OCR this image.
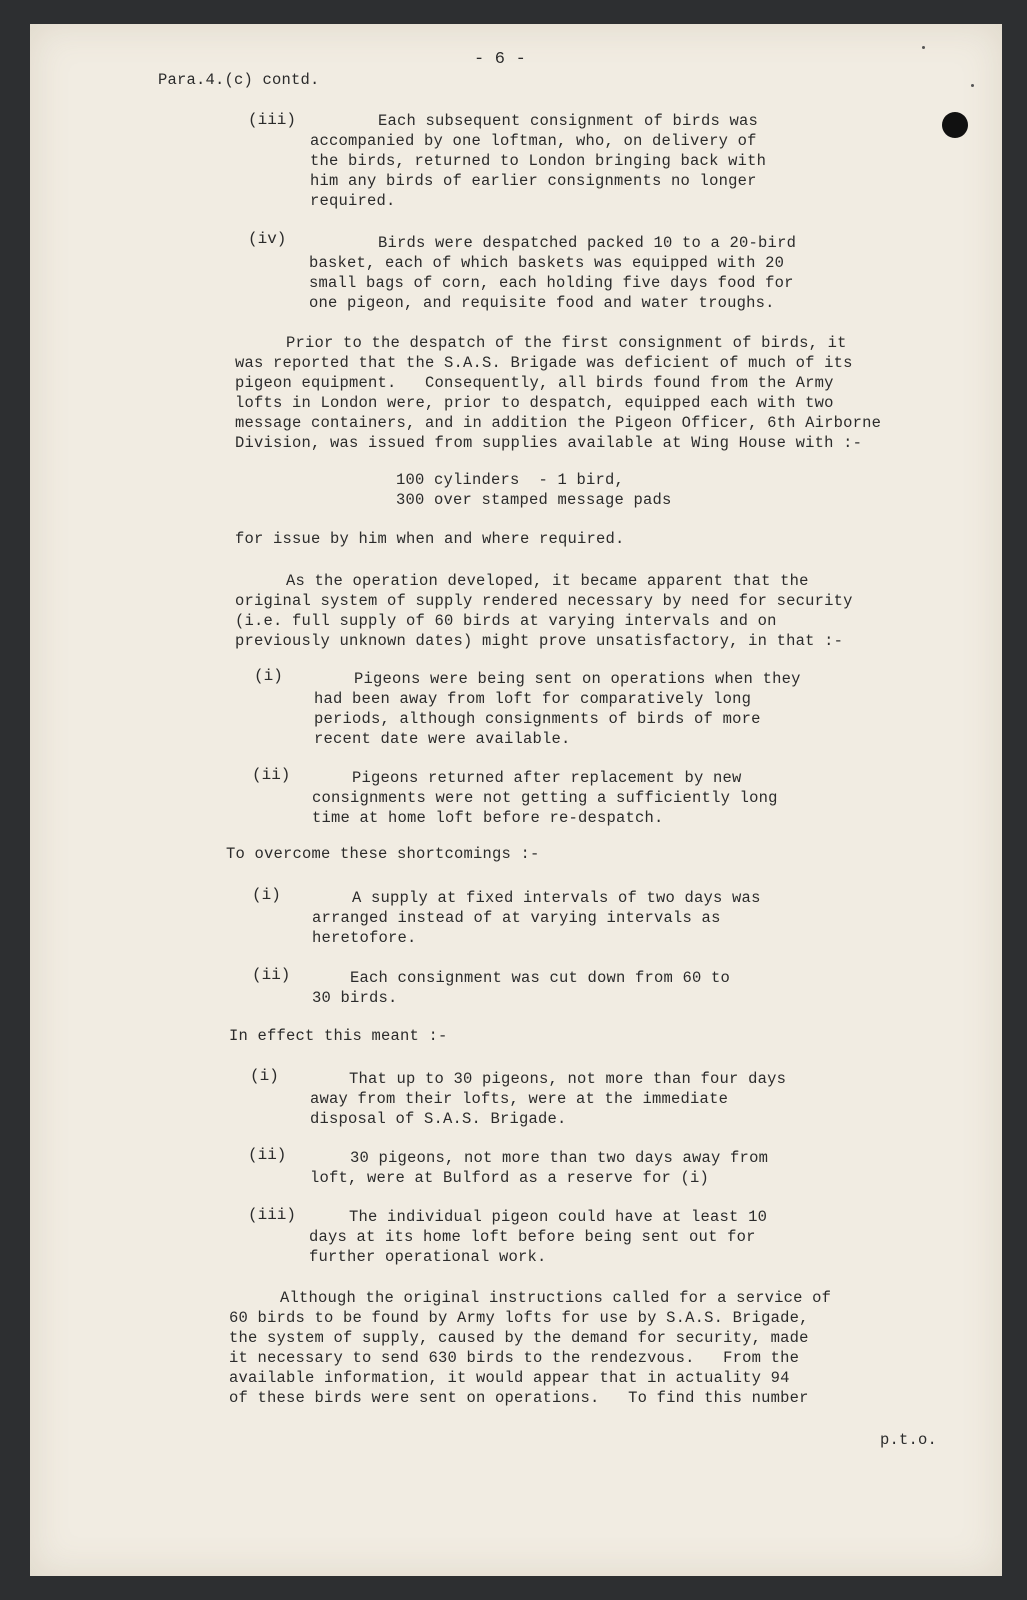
- 6 -
Para.4.(c) contd.
(iii)	Each subsequent consignment of birds was
accompanied by one loftman, who, on delivery of
the birds, returned to London bringing back with
him any birds of earlier consignments no longer
required.
(iv)	Birds were despatched packed 10 to a 20-bird
basket, each of which baskets was equipped with 20
small bags of corn, each holding five days food for
one pigeon, and requisite food and water troughs.
Prior to the despatch of the first consignment of birds, it
was reported that the S.A.S. Brigade was deficient of much of its
pigeon equipment.   Consequently, all birds found from the Army
lofts in London were, prior to despatch, equipped each with two
message containers, and in addition the Pigeon Officer, 6th Airborne
Division, was issued from supplies available at Wing House with :-
100 cylinders  - 1 bird,
300 over stamped message pads
for issue by him when and where required.
As the operation developed, it became apparent that the
original system of supply rendered necessary by need for security
(i.e. full supply of 60 birds at varying intervals and on
previously unknown dates) might prove unsatisfactory, in that :-
(i)	Pigeons were being sent on operations when they
had been away from loft for comparatively long
periods, although consignments of birds of more
recent date were available.
(ii)	Pigeons returned after replacement by new
consignments were not getting a sufficiently long
time at home loft before re-despatch.
To overcome these shortcomings :-
(i)	A supply at fixed intervals of two days was
arranged instead of at varying intervals as
heretofore.
(ii)	Each consignment was cut down from 60 to
30 birds.
In effect this meant :-
(i)	That up to 30 pigeons, not more than four days
away from their lofts, were at the immediate
disposal of S.A.S. Brigade.
(ii)	30 pigeons, not more than two days away from
loft, were at Bulford as a reserve for (i)
(iii)	The individual pigeon could have at least 10
days at its home loft before being sent out for
further operational work.
Although the original instructions called for a service of
60 birds to be found by Army lofts for use by S.A.S. Brigade,
the system of supply, caused by the demand for security, made
it necessary to send 630 birds to the rendezvous.   From the
available information, it would appear that in actuality 94
of these birds were sent on operations.   To find this number
p.t.o.
